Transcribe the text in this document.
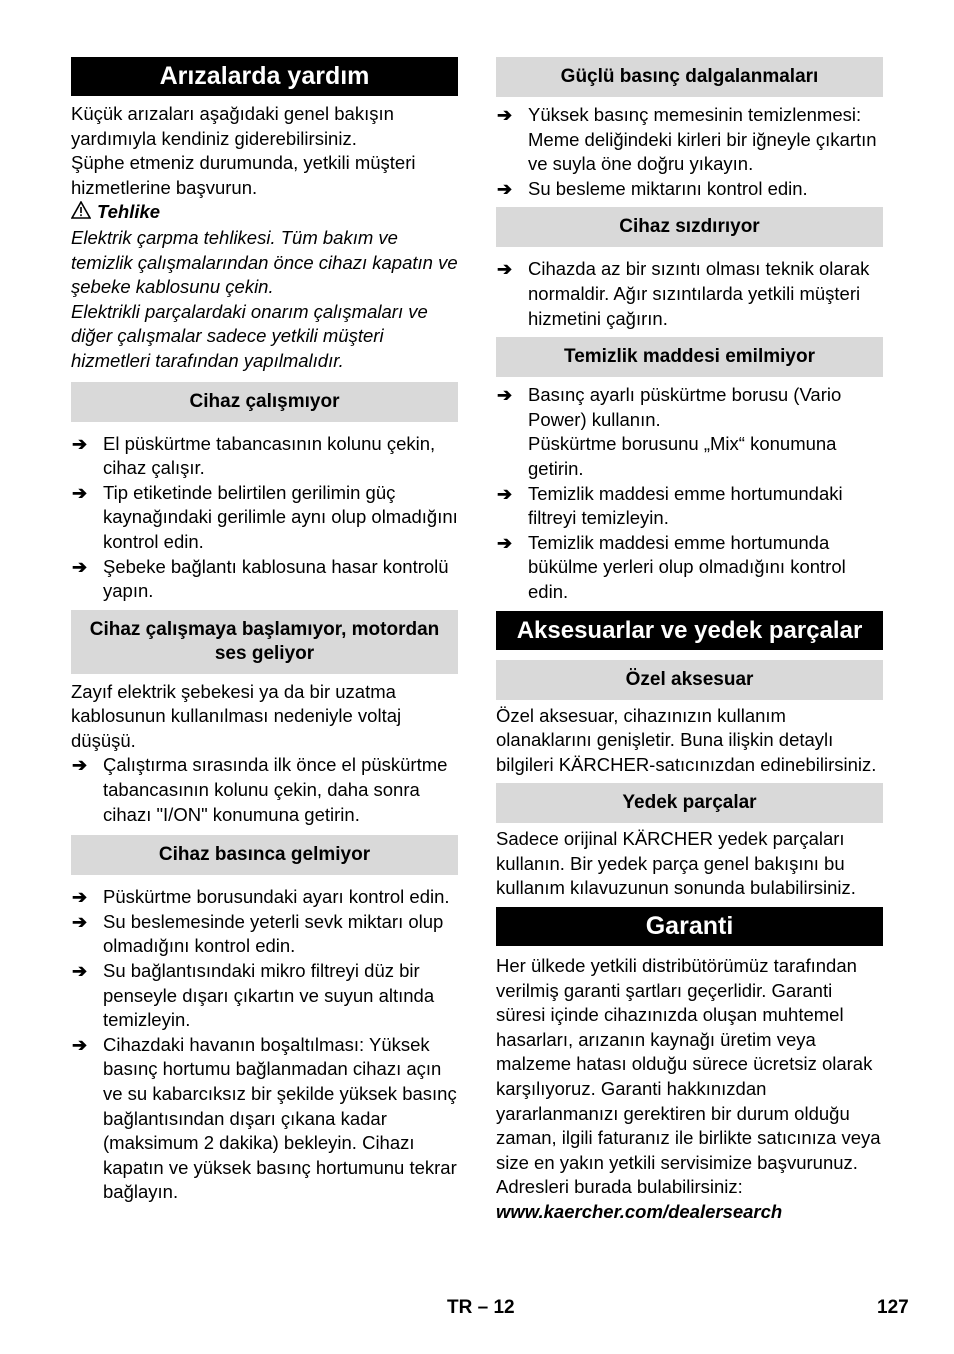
Arızalarda yardım

Küçük arızaları aşağıdaki genel bakışın yardımıyla kendiniz giderebilirsiniz.

Şüphe etmeniz durumunda, yetkili müşteri hizmetlerine başvurun.

Tehlike

Elektrik çarpma tehlikesi. Tüm bakım ve temizlik çalışmalarından önce cihazı kapatın ve şebeke kablosunu çekin.

Elektrikli parçalardaki onarım çalışmaları ve diğer çalışmalar sadece yetkili müşteri hizmetleri tarafından yapılmalıdır.

Cihaz çalışmıyor
➔ El püskürtme tabancasının kolunu çekin, cihaz çalışır.
➔ Tip etiketinde belirtilen gerilimin güç kaynağındaki gerilimle aynı olup olmadığını kontrol edin.
➔ Şebeke bağlantı kablosuna hasar kontrolü yapın.
Cihaz çalışmaya başlamıyor, motordan ses geliyor

Zayıf elektrik şebekesi ya da bir uzatma kablosunun kullanılması nedeniyle voltaj düşüşü.

➔ Çalıştırma sırasında ilk önce el püskürtme tabancasının kolunu çekin, daha sonra cihazı "I/ON" konumuna getirin.
Cihaz basınca gelmiyor
➔ Püskürtme borusundaki ayarı kontrol edin.
➔ Su beslemesinde yeterli sevk miktarı olup olmadığını kontrol edin.
➔ Su bağlantısındaki mikro filtreyi düz bir penseyle dışarı çıkartın ve suyun altında temizleyin.
➔ Cihazdaki havanın boşaltılması: Yüksek basınç hortumu bağlanmadan cihazı açın ve su kabarcıksız bir şekilde yüksek basınç bağlantısından dışarı çıkana kadar (maksimum 2 dakika) bekleyin. Cihazı kapatın ve yüksek basınç hortumunu tekrar bağlayın.
Güçlü basınç dalgalanmaları
➔ Yüksek basınç memesinin temizlenmesi: Meme deliğindeki kirleri bir iğneyle çıkartın ve suyla öne doğru yıkayın.
➔ Su besleme miktarını kontrol edin.
Cihaz sızdırıyor
➔ Cihazda az bir sızıntı olması teknik olarak normaldir. Ağır sızıntılarda yetkili müşteri hizmetini çağırın.
Temizlik maddesi emilmiyor
➔ Basınç ayarlı püskürtme borusu (Vario Power) kullanın.
Püskürtme borusunu „Mix“ konumuna getirin.
➔ Temizlik maddesi emme hortumundaki filtreyi temizleyin.
➔ Temizlik maddesi emme hortumunda bükülme yerleri olup olmadığını kontrol edin.
Aksesuarlar ve yedek parçalar
Özel aksesuar

Özel aksesuar, cihazınızın kullanım olanaklarını genişletir. Buna ilişkin detaylı bilgileri KÄRCHER-satıcınızdan edinebilirsiniz.

Yedek parçalar

Sadece orijinal KÄRCHER yedek parçaları kullanın. Bir yedek parça genel bakışını bu kullanım kılavuzunun sonunda bulabilirsiniz.

Garanti

Her ülkede yetkili distribütörümüz tarafından verilmiş garanti şartları geçerlidir. Garanti süresi içinde cihazınızda oluşan muhtemel hasarları, arızanın kaynağı üretim veya malzeme hatası olduğu sürece ücretsiz olarak karşılıyoruz. Garanti hakkınızdan yararlanmanızı gerektiren bir durum olduğu zaman, ilgili faturanız ile birlikte satıcınıza veya size en yakın yetkili servisimize başvurunuz.

Adresleri burada bulabilirsiniz:

www.kaercher.com/dealersearch

TR – 12	127
